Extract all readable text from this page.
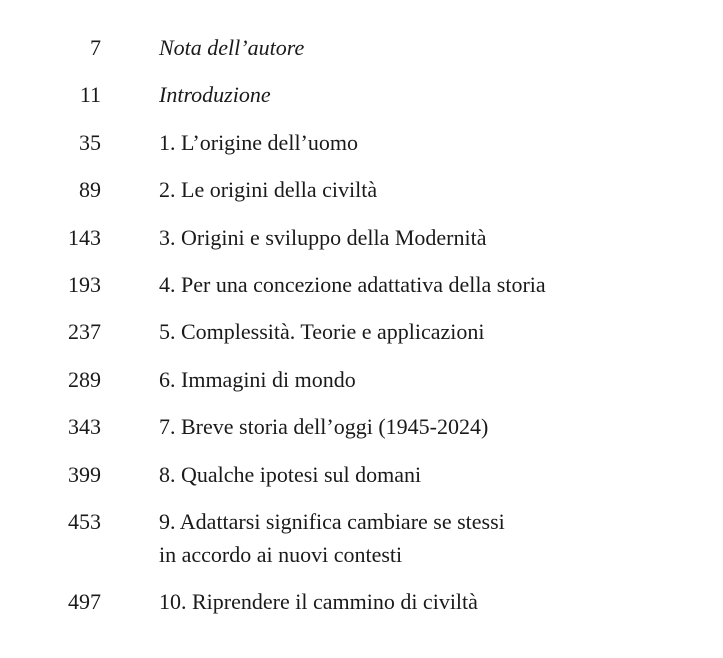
7	Nota dell’autore
11	Introduzione
35	1. L’origine dell’uomo
89	2. Le origini della civiltà
143	3. Origini e sviluppo della Modernità
193	4. Per una concezione adattativa della storia
237	5. Complessità. Teorie e applicazioni
289	6. Immagini di mondo
343	7. Breve storia dell’oggi (1945-2024)
399	8. Qualche ipotesi sul domani
453	9. Adattarsi significa cambiare se stessi
in accordo ai nuovi contesti
497	10. Riprendere il cammino di civiltà
